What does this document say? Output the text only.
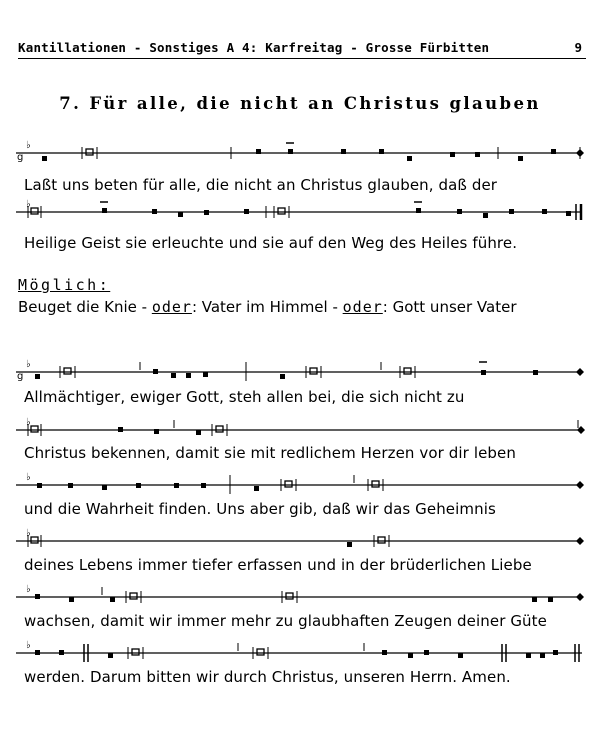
Kantillationen - Sonstiges A 4: Karfreitag - Grosse Fürbitten	9
7. Für alle, die nicht an Christus glauben
♭
g
Laßt uns beten für alle, die nicht an Christus glauben, daß der
♭
Heilige Geist sie erleuchte und sie auf den Weg des Heiles führe.
Möglich:
Beuget die Knie - oder: Vater im Himmel - oder: Gott unser Vater
♭
g
Allmächtiger, ewiger Gott, steh allen bei, die sich nicht zu
♭
Christus bekennen, damit sie mit redlichem Herzen vor dir leben
♭
und die Wahrheit finden. Uns aber gib, daß wir das Geheimnis
♭
deines Lebens immer tiefer erfassen und in der brüderlichen Liebe
♭
wachsen, damit wir immer mehr zu glaubhaften Zeugen deiner Güte
♭
werden. Darum bitten wir durch Christus, unseren Herrn. Amen.
